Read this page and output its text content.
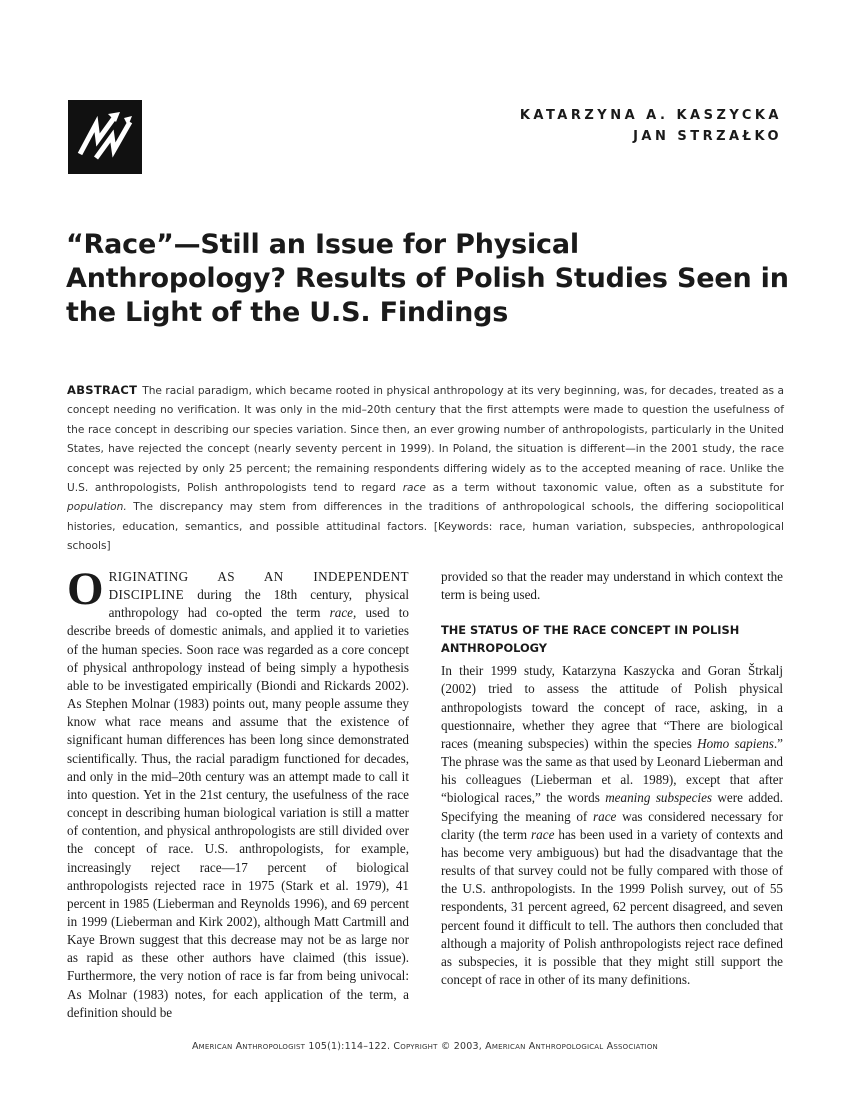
KATARZYNA A. KASZYCKA
JAN STRZAŁKO
“Race”—Still an Issue for Physical Anthropology? Results of Polish Studies Seen in the Light of the U.S. Findings
ABSTRACT The racial paradigm, which became rooted in physical anthropology at its very beginning, was, for decades, treated as a concept needing no verification. It was only in the mid–20th century that the first attempts were made to question the usefulness of the race concept in describing our species variation. Since then, an ever growing number of anthropologists, particularly in the United States, have rejected the concept (nearly seventy percent in 1999). In Poland, the situation is different—in the 2001 study, the race concept was rejected by only 25 percent; the remaining respondents differing widely as to the accepted meaning of race. Unlike the U.S. anthropologists, Polish anthropologists tend to regard race as a term without taxonomic value, often as a substitute for population. The discrepancy may stem from differences in the traditions of anthropological schools, the differing sociopolitical histories, education, semantics, and possible attitudinal factors. [Keywords: race, human variation, subspecies, anthropological schools]

ORIGINATING AS AN INDEPENDENT DISCIPLINE during the 18th century, physical anthropology had co-opted the term race, used to describe breeds of domestic animals, and applied it to varieties of the human species. Soon race was regarded as a core concept of physical anthropology instead of being simply a hypothesis able to be investigated empirically (Biondi and Rickards 2002). As Stephen Molnar (1983) points out, many people assume they know what race means and assume that the existence of significant human differences has been long since demonstrated scientifically. Thus, the racial paradigm functioned for decades, and only in the mid–20th century was an attempt made to call it into question. Yet in the 21st century, the usefulness of the race concept in describing human biological variation is still a matter of contention, and physical anthropologists are still divided over the concept of race. U.S. anthropologists, for example, increasingly reject race—17 percent of biological anthropologists rejected race in 1975 (Stark et al. 1979), 41 percent in 1985 (Lieberman and Reynolds 1996), and 69 percent in 1999 (Lieberman and Kirk 2002), although Matt Cartmill and Kaye Brown suggest that this decrease may not be as large nor as rapid as these other authors have claimed (this issue). Furthermore, the very notion of race is far from being univocal: As Molnar (1983) notes, for each application of the term, a definition should be

provided so that the reader may understand in which context the term is being used.

THE STATUS OF THE RACE CONCEPT IN POLISH ANTHROPOLOGY

In their 1999 study, Katarzyna Kaszycka and Goran Štrkalj (2002) tried to assess the attitude of Polish physical anthropologists toward the concept of race, asking, in a questionnaire, whether they agree that “There are biological races (meaning subspecies) within the species Homo sapiens.” The phrase was the same as that used by Leonard Lieberman and his colleagues (Lieberman et al. 1989), except that after “biological races,” the words meaning subspecies were added. Specifying the meaning of race was considered necessary for clarity (the term race has been used in a variety of contexts and has become very ambiguous) but had the disadvantage that the results of that survey could not be fully compared with those of the U.S. anthropologists. In the 1999 Polish survey, out of 55 respondents, 31 percent agreed, 62 percent disagreed, and seven percent found it difficult to tell. The authors then concluded that although a majority of Polish anthropologists reject race defined as subspecies, it is possible that they might still support the concept of race in other of its many definitions.

American Anthropologist 105(1):114–122. Copyright © 2003, American Anthropological Association
